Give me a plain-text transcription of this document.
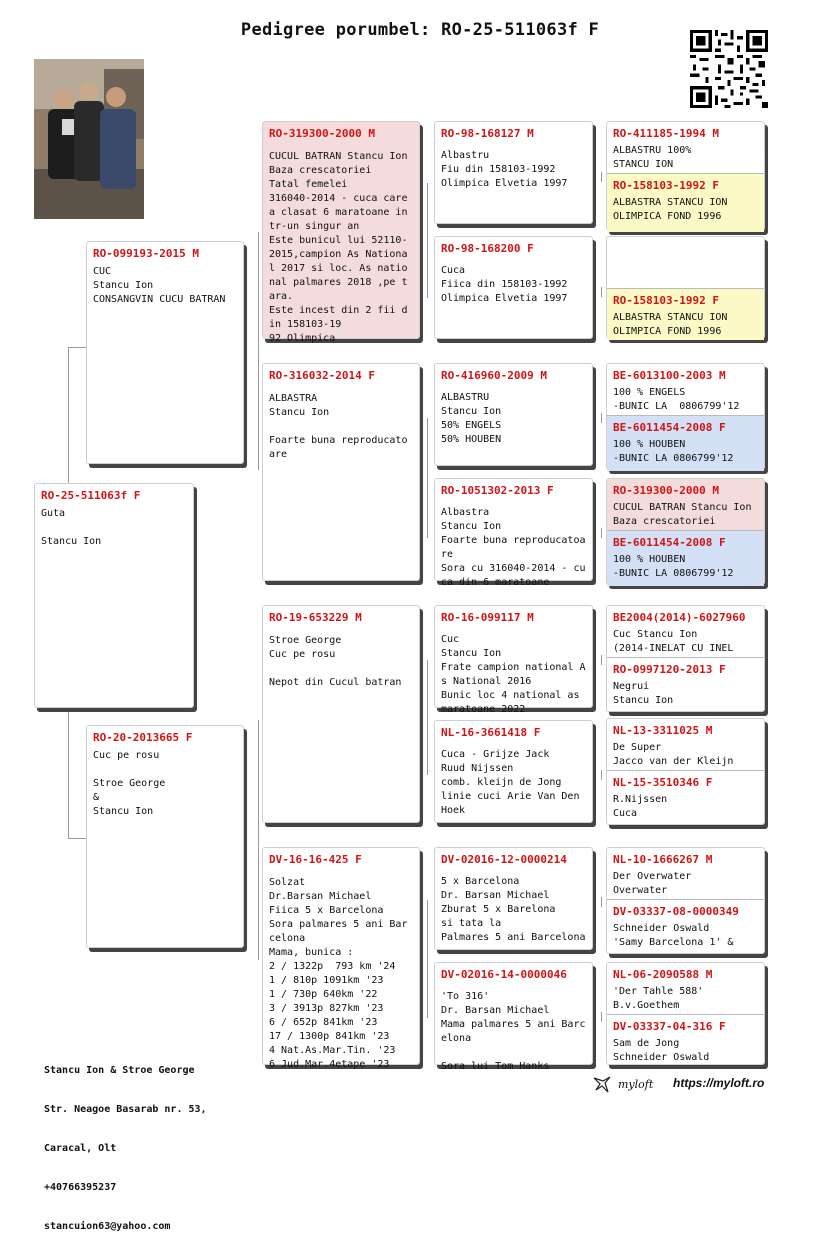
Pedigree porumbel: RO-25-511063f F
RO-25-511063f F
Guta

Stancu Ion
RO-099193-2015 M
CUC
Stancu Ion
CONSANGVIN CUCU BATRAN
RO-20-2013665 F
Cuc pe rosu

Stroe George
&
Stancu Ion
RO-319300-2000 M
CUCUL BATRAN Stancu Ion
Baza crescatoriei
Tatal femelei
316040-2014 - cuca care a clasat 6 maratoane intr-un singur an
Este bunicul lui 52110-2015,campion As National 2017 si loc. As national palmares 2018 ,pe tara.
Este incest din 2 fii din 158103-19
92 Olimpica
RO-316032-2014 F
ALBASTRA
Stancu Ion

Foarte buna reproducatoare
RO-19-653229 M
Stroe George
Cuc pe rosu

Nepot din Cucul batran
DV-16-16-425 F
Solzat
Dr.Barsan Michael
Fiica 5 x Barcelona
Sora palmares 5 ani Barcelona
Mama, bunica :
2 / 1322p  793 km '24
1 / 810p 1091km '23
1 / 730p 640km '22
3 / 3913p 827km '23
6 / 652p 841km '23
17 / 1300p 841km '23
4 Nat.As.Mar.Tin. '23
6 Jud.Mar.4etape '23
RO-98-168127 M
Albastru
Fiu din 158103-1992
Olimpica Elvetia 1997
RO-98-168200 F
Cuca
Fiica din 158103-1992
Olimpica Elvetia 1997
RO-416960-2009 M
ALBASTRU
Stancu Ion
50% ENGELS
50% HOUBEN
RO-1051302-2013 F
Albastra
Stancu Ion
Foarte buna reproducatoare
Sora cu 316040-2014 - cuca din 6 maratoane
RO-16-099117 M
Cuc
Stancu Ion
Frate campion national As National 2016
Bunic loc 4 national as maratoane 2022
NL-16-3661418 F
Cuca - Grijze Jack
Ruud Nijssen
comb. kleijn de Jong
linie cuci Arie Van Den Hoek
DV-02016-12-0000214
5 x Barcelona
Dr. Barsan Michael
Zburat 5 x Barelona
si tata la
Palmares 5 ani Barcelona
DV-02016-14-0000046
'To 316'
Dr. Barsan Michael
Mama palmares 5 ani Barcelona

Sora lui Tom Hanks
RO-411185-1994 M
ALBASTRU 100%
STANCU ION
RO-158103-1992 F
ALBASTRA STANCU ION
OLIMPICA FOND 1996
RO-158103-1992 F
ALBASTRA STANCU ION
OLIMPICA FOND 1996
BE-6013100-2003 M
100 % ENGELS
-BUNIC LA  0806799'12
BE-6011454-2008 F
100 % HOUBEN
-BUNIC LA 0806799'12
RO-319300-2000 M
CUCUL BATRAN Stancu Ion
Baza crescatoriei
BE-6011454-2008 F
100 % HOUBEN
-BUNIC LA 0806799'12
BE2004(2014)-6027960
Cuc Stancu Ion
(2014-INELAT CU INEL
RO-0997120-2013 F
Negrui
Stancu Ion
NL-13-3311025 M
De Super
Jacco van der Kleijn
NL-15-3510346 F
R.Nijssen
Cuca
NL-10-1666267 M
Der Overwater
Overwater
DV-03337-08-0000349
Schneider Oswald
'Samy Barcelona 1' &
NL-06-2090588 M
'Der Tahle 588'
B.v.Goethem
DV-03337-04-316 F
Sam de Jong
Schneider Oswald

Stancu Ion & Stroe George

Str. Neagoe Basarab nr. 53,

Caracal, Olt

+40766395237

stancuion63@yahoo.com

myloft https://myloft.ro
